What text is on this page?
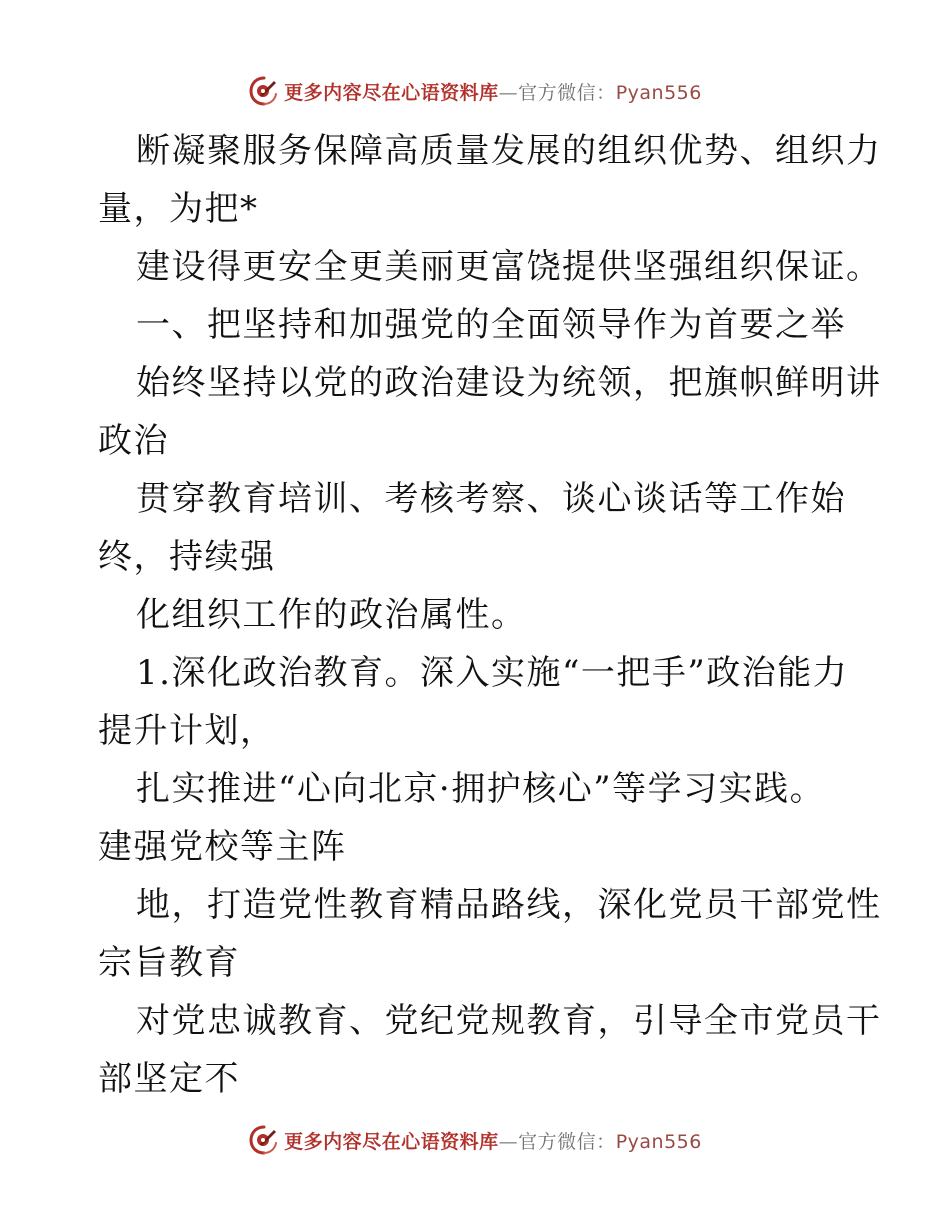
更多内容尽在心语资料库—官方微信：Pyan556
断凝聚服务保障高质量发展的组织优势、组织力
量，为把*
建设得更安全更美丽更富饶提供坚强组织保证。
一、把坚持和加强党的全面领导作为首要之举
始终坚持以党的政治建设为统领，把旗帜鲜明讲
政治
贯穿教育培训、考核考察、谈心谈话等工作始
终，持续强
化组织工作的政治属性。
1.深化政治教育。深入实施“一把手”政治能力
提升计划，
扎实推进“心向北京·拥护核心”等学习实践。
建强党校等主阵
地，打造党性教育精品路线，深化党员干部党性
宗旨教育
对党忠诚教育、党纪党规教育，引导全市党员干
部坚定不
更多内容尽在心语资料库—官方微信：Pyan556
